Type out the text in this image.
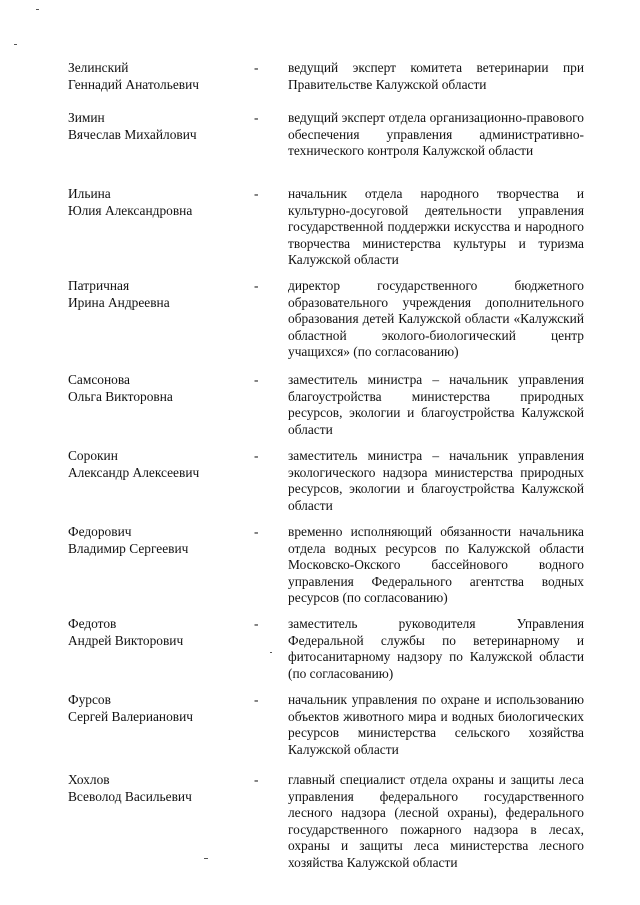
Зелинский
Геннадий Анатольевич
- ведущий эксперт комитета ветеринарии при Правительстве Калужской области
Зимин
Вячеслав Михайлович
- ведущий эксперт отдела организационно-правового обеспечения управления административно-технического контроля Калужской области
Ильина
Юлия Александровна
- начальник отдела народного творчества и культурно-досуговой деятельности управления государственной поддержки искусства и народного творчества министерства культуры и туризма Калужской области
Патричная
Ирина Андреевна
- директор государственного бюджетного образовательного учреждения дополнительного образования детей Калужской области «Калужский областной эколого-биологический центр учащихся» (по согласованию)
Самсонова
Ольга Викторовна
- заместитель министра – начальник управления благоустройства министерства природных ресурсов, экологии и благоустройства Калужской области
Сорокин
Александр Алексеевич
- заместитель министра – начальник управления экологического надзора министерства природных ресурсов, экологии и благоустройства Калужской области
Федорович
Владимир Сергеевич
- временно исполняющий обязанности начальника отдела водных ресурсов по Калужской области Московско-Окского бассейнового водного управления Федерального агентства водных ресурсов (по согласованию)
Федотов
Андрей Викторович
- заместитель руководителя Управления Федеральной службы по ветеринарному и фитосанитарному надзору по Калужской области (по согласованию)
Фурсов
Сергей Валерианович
- начальник управления по охране и использованию объектов животного мира и водных биологических ресурсов министерства сельского хозяйства Калужской области
Хохлов
Всеволод Васильевич
- главный специалист отдела охраны и защиты леса управления федерального государственного лесного надзора (лесной охраны), федерального государственного пожарного надзора в лесах, охраны и защиты леса министерства лесного хозяйства Калужской области
